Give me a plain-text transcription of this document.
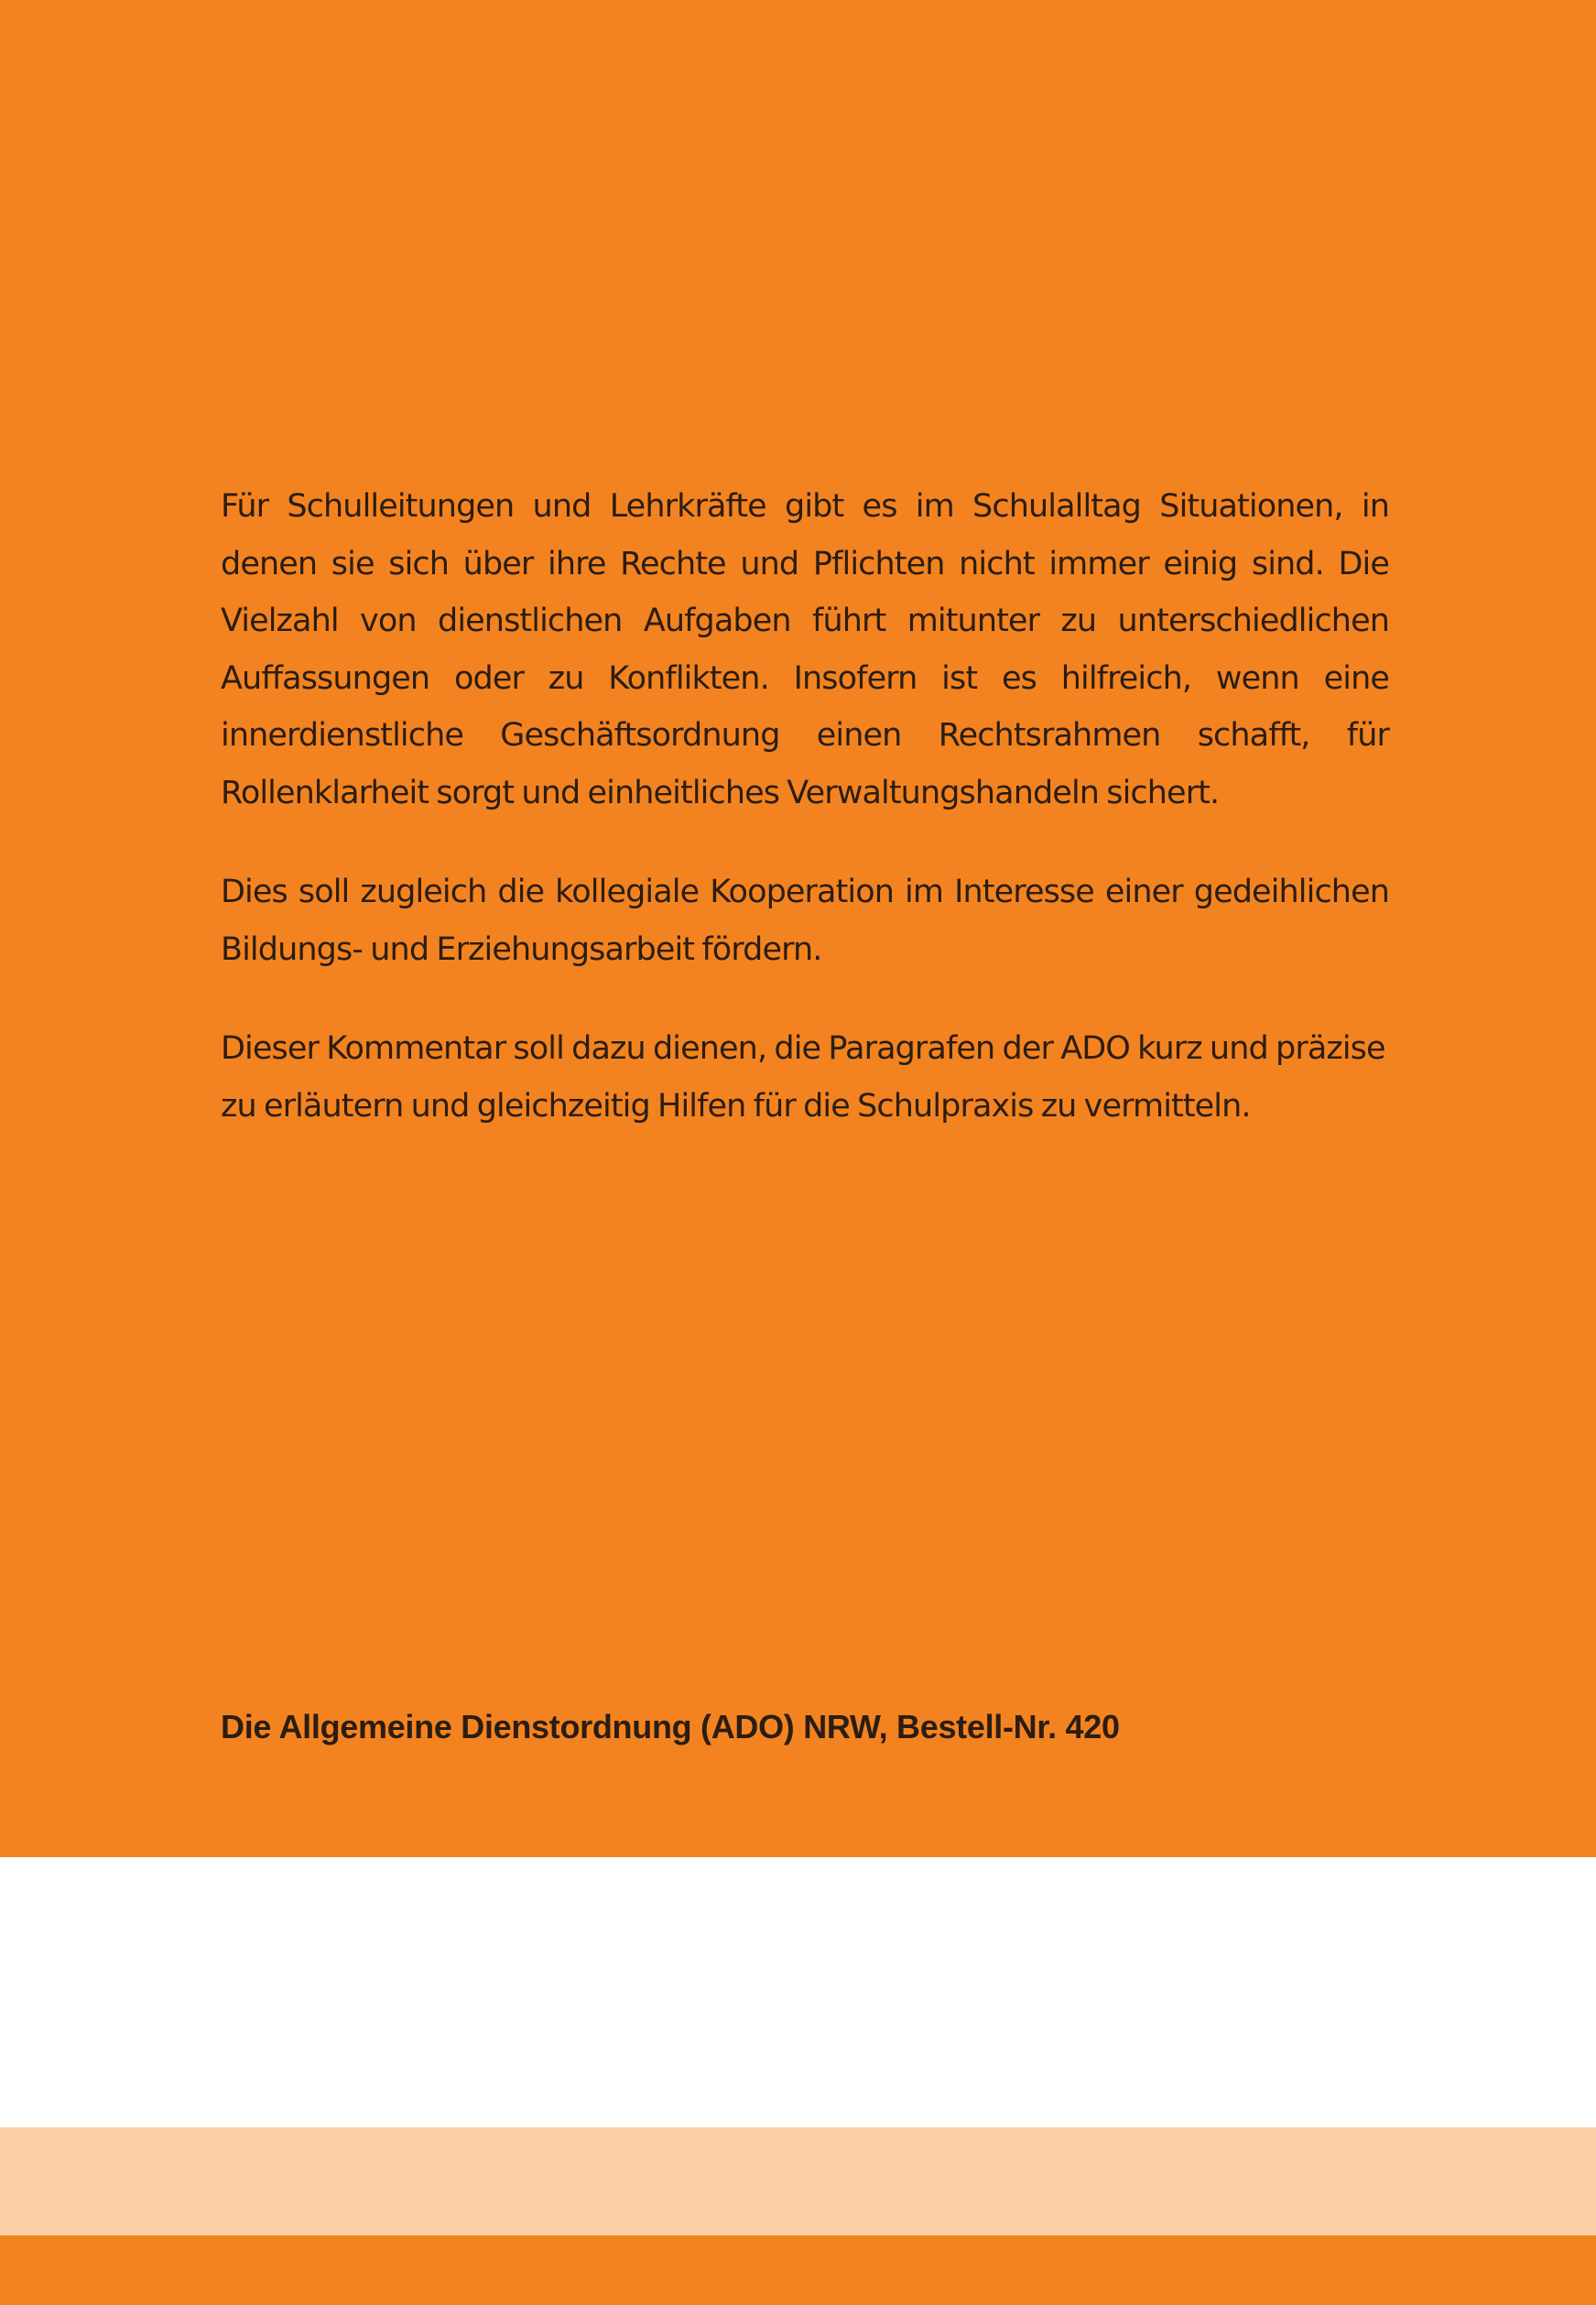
Für Schulleitungen und Lehrkräfte gibt es im Schulalltag Situationen, in denen sie sich über ihre Rechte und Pflichten nicht immer einig sind. Die Vielzahl von dienstlichen Aufgaben führt mitunter zu unterschiedlichen Auffassungen oder zu Konflikten. Insofern ist es hilfreich, wenn eine innerdienstliche Geschäftsordnung einen Rechtsrahmen schafft, für Rollenklarheit sorgt und einheitliches Verwaltungshandeln sichert.

Dies soll zugleich die kollegiale Kooperation im Interesse einer gedeihlichen Bildungs- und Erziehungsarbeit fördern.

Dieser Kommentar soll dazu dienen, die Paragrafen der ADO kurz und präzise zu erläutern und gleichzeitig Hilfen für die Schulpraxis zu vermitteln.

Die Allgemeine Dienstordnung (ADO) NRW, Bestell-Nr. 420
